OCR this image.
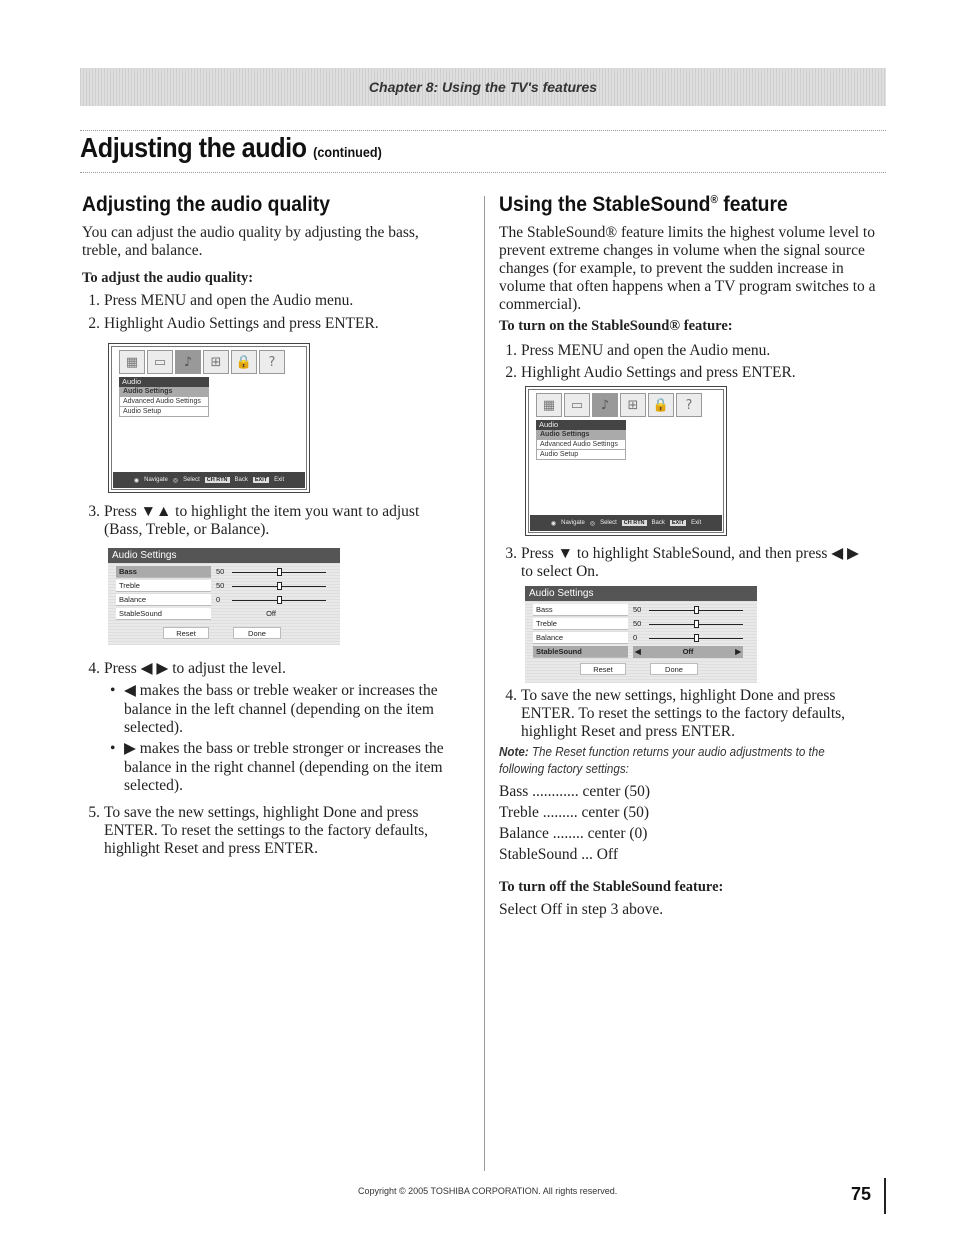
Chapter 8: Using the TV's features
Adjusting the audio (continued)
Adjusting the audio quality
You can adjust the audio quality by adjusting the bass, treble, and balance.
To adjust the audio quality:
1. Press MENU and open the Audio menu.
2. Highlight Audio Settings and press ENTER.
▦	▭	♪	⊞	🔒	?
Audio
Audio Settings
Advanced Audio Settings
Audio Setup
◉ Navigate ◎ Select	CH RTN	Back	EXIT	Exit
3. Press ▼▲ to highlight the item you want to adjust (Bass, Treble, or Balance).
Audio Settings
Bass	50
Treble	50
Balance	0
StableSound	Off
Reset	Done
4. Press ◀ ▶ to adjust the level.
• ◀ makes the bass or treble weaker or increases the balance in the left channel (depending on the item selected).
• ▶ makes the bass or treble stronger or increases the balance in the right channel (depending on the item selected).
5. To save the new settings, highlight Done and press ENTER. To reset the settings to the factory defaults, highlight Reset and press ENTER.
Using the StableSound® feature
The StableSound® feature limits the highest volume level to prevent extreme changes in volume when the signal source changes (for example, to prevent the sudden increase in volume that often happens when a TV program switches to a commercial).
To turn on the StableSound® feature:
1. Press MENU and open the Audio menu.
2. Highlight Audio Settings and press ENTER.
▦	▭	♪	⊞	🔒	?
Audio
Audio Settings
Advanced Audio Settings
Audio Setup
◉ Navigate ◎ Select	CH RTN	Back	EXIT	Exit
3. Press ▼ to highlight StableSound, and then press ◀ ▶ to select On.
Audio Settings
Bass	50
Treble	50
Balance	0
StableSound	◀	Off	▶
Reset	Done
4. To save the new settings, highlight Done and press ENTER. To reset the settings to the factory defaults, highlight Reset and press ENTER.
Note: The Reset function returns your audio adjustments to the following factory settings:
Bass ............ center (50)
Treble ......... center (50)
Balance ........ center (0)
StableSound ... Off
To turn off the StableSound feature:
Select Off in step 3 above.
Copyright © 2005 TOSHIBA CORPORATION. All rights reserved.	75
